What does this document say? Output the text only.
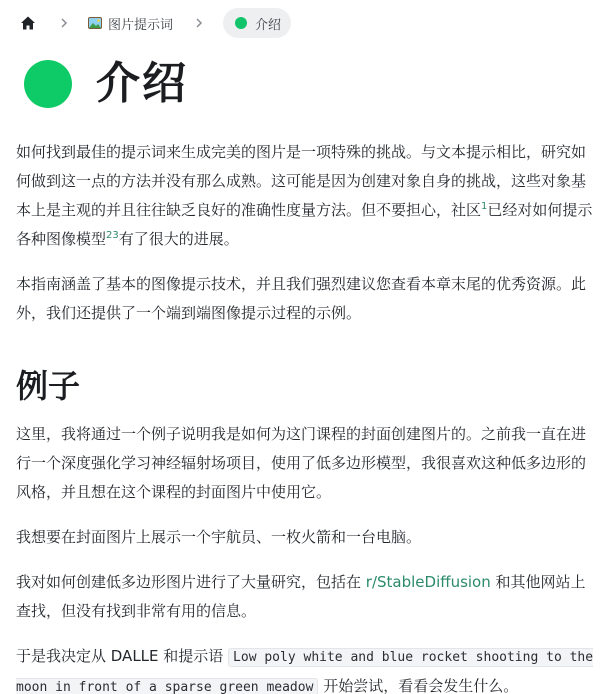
图片提示词	介绍
介绍

如何找到最佳的提示词来生成完美的图片是一项特殊的挑战。与文本提示相比，研究如何做到这一点的方法并没有那么成熟。这可能是因为创建对象自身的挑战，这些对象基本上是主观的并且往往缺乏良好的准确性度量方法。但不要担心，社区$^1$已经对如何提示各种图像模型$^{23}$有了很大的进展。

本指南涵盖了基本的图像提示技术，并且我们强烈建议您查看本章末尾的优秀资源。此外，我们还提供了一个端到端图像提示过程的示例。

例子

这里，我将通过一个例子说明我是如何为这门课程的封面创建图片的。之前我一直在进行一个深度强化学习神经辐射场项目，使用了低多边形模型，我很喜欢这种低多边形的风格，并且想在这个课程的封面图片中使用它。

我想要在封面图片上展示一个宇航员、一枚火箭和一台电脑。

我对如何创建低多边形图片进行了大量研究，包括在 r/StableDiffusion 和其他网站上查找，但没有找到非常有用的信息。

于是我决定从 DALLE 和提示语 Low poly white and blue rocket shooting to the moon in front of a sparse green meadow 开始尝试，看看会发生什么。
